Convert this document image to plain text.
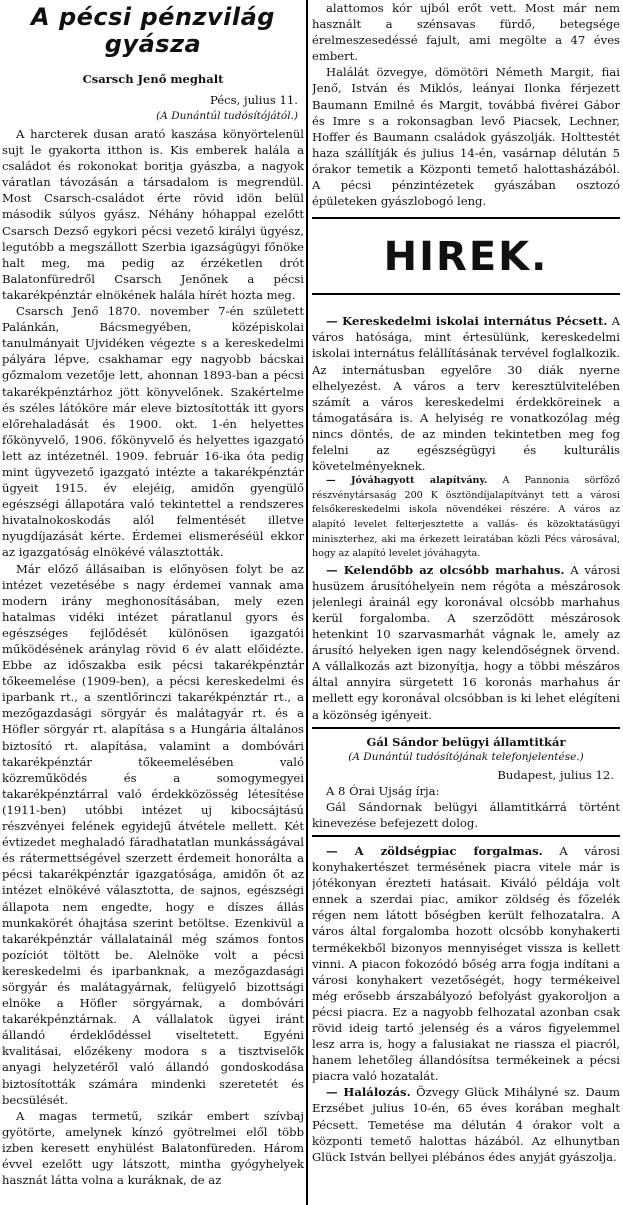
A pécsi pénzvilág gyásza
Csarsch Jenő meghalt
Pécs, julius 11.
(A Dunántúl tudósítójától.)

A harcterek dusan arató kaszása könyörtelenül sujt le gyakorta itthon is. Kis emberek halála a családot és rokonokat boritja gyászba, a nagyok váratlan távozásán a társadalom is megrendül. Most Csarsch-családot érte rövid idön belül második súlyos gyász. Néhány hóhappal ezelőtt Csarsch Dezső egykori pécsi vezető királyi ügyész, legutóbb a megszállott Szerbia igazságügyi főnöke halt meg, ma pedig az érzéketlen drót Balatonfüredről Csarsch Jenőnek a pécsi takarékpénztár elnökének halála hírét hozta meg.

Csarsch Jenő 1870. november 7-én született Palánkán, Bácsmegyében, középiskolai tanulmányait Ujvidéken végezte s a kereskedelmi pályára lépve, csakhamar egy nagyobb bácskai gőzmalom vezetője lett, ahonnan 1893-ban a pécsi takarékpénztárhoz jött könyvelőnek. Szakértelme és széles látóköre már eleve biztosították itt gyors előrehaladását és 1900. okt. 1-én helyettes főkönyvelő, 1906. főkönyvelő és helyettes igazgató lett az intézetnél. 1909. február 16-ika óta pedig mint ügyvezető igazgató intézte a takarékpénztár ügyeit 1915. év elejéig, amidőn gyengülő egészségi állapotára való tekintettel a rendszeres hivatalnokoskodás alól felmentését illetve nyugdíjazását kérte. Érdemei elismeréséül ekkor az igazgatóság elnökévé választották.

Már előző állásaiban is előnyösen folyt be az intézet vezetésébe s nagy érdemei vannak ama modern irány meghonosításában, mely ezen hatalmas vidéki intézet páratlanul gyors és egészséges fejlődését különösen igazgatói működésének aránylag rövid 6 év alatt előidézte. Ebbe az időszakba esik pécsi takarékpénztár tőkeemelése (1909-ben), a pécsi kereskedelmi és iparbank rt., a szentlőrinczi takarékpénztár rt., a mezőgazdasági sörgyár és malátagyár rt. és a Höfler sörgyár rt. alapítása s a Hungária általános biztosító rt. alapítása, valamint a dombóvári takarékpénztár tőkeemelésében való közreműködés és a somogymegyei takarékpénztárral való érdekközösség létesítése (1911-ben) utóbbi intézet uj kibocsájtású részvényei felének egyidejű átvétele mellett. Két évtizedet meghaladó fáradhatatlan munkásságával és rátermettségével szerzett érdemeit honorálta a pécsi takarékpénztár igazgatósága, amidőn őt az intézet elnökévé választotta, de sajnos, egészségi állapota nem engedte, hogy e díszes állás munkakörét óhajtása szerint betöltse. Ezenkivül a takarékpénztár vállalatainál még számos fontos pozíciót töltött be. Alelnöke volt a pécsi kereskedelmi és iparbanknak, a mezőgazdasági sörgyár és malátagyárnak, felügyelő bizottsági elnöke a Höfler sörgyárnak, a dombóvári takarékpénztárnak. A vállalatok ügyei iránt állandó érdeklődéssel viseltetett. Egyéni kvalitásai, előzékeny modora s a tisztviselők anyagi helyzetéről való állandó gondoskodása biztosították számára mindenki szeretetét és becsülését.

A magas termetű, szikár embert szívbaj gyötörte, amelynek kínzó gyötrelmei elől több izben keresett enyhülést Balatonfüreden. Három évvel ezelőtt ugy látszott, mintha gyógyhelyek hasznát látta volna a kuráknak, de az

alattomos kór ujból erőt vett. Most már nem használt a szénsavas fürdő, betegsége érelmeszesedéssé fajult, ami megölte a 47 éves embert.

Halálát özvegye, dömötöri Németh Margit, fiai Jenő, István és Miklós, leányai Ilonka férjezett Baumann Emilné és Margit, továbbá fivérei Gábor és Imre s a rokonsagban levő Piacsek, Lechner, Hoffer és Baumann családok gyászolják. Holttestét haza szállítják és julius 14-én, vasárnap délután 5 órakor temetik a Központi temető halottasházából. A pécsi pénzintézetek gyászában osztozó épületeken gyászlobogó leng.

HIREK.

— Kereskedelmi iskolai internátus Pécsett. A város hatósága, mint értesülünk, kereskedelmi iskolai internátus felállításának tervével foglalkozik. Az internátusban egyelőre 30 diák nyerne elhelyezést. A város a terv keresztülvitelében számít a város kereskedelmi érdekköreinek a támogatására is. A helyiség re vonatkozólag még nincs döntés, de az minden tekintetben meg fog felelni az egészségügyi és kulturális követelményeknek.

— Jóváhagyott alapítvány. A Pannonia sörfőző részvénytársaság 200 K ösztöndíjalapítványt tett a városi felsőkereskedelmi iskola növendékei részére. A város az alapító levelet felterjesztette a vallás- és közoktatásügyi miniszterhez, aki ma érkezett leiratában közli Pécs városával, hogy az alapító levelet jóváhagyta.

— Kelendőbb az olcsóbb marhahus. A városi husüzem árusítóhelyein nem régóta a mészárosok jelenlegi árainál egy koronával olcsóbb marhahus kerül forgalomba. A szerződött mészárosok hetenkint 10 szarvasmarhát vágnak le, amely az árusító helyeken igen nagy kelendőségnek örvend. A vállalkozás azt bizonyítja, hogy a többi mészáros által annyira sürgetett 16 koronás marhahus ár mellett egy koronával olcsóbban is ki lehet elégíteni a közönség igényeit.

Gál Sándor belügyi államtitkár
(A Dunántúl tudósítójának telefonjelentése.)
Budapest, julius 12.

A 8 Órai Ujság írja:

Gál Sándornak belügyi államtitkárrá történt kinevezése befejezett dolog.

— A zöldségpiac forgalmas. A városi konyhakertészet termésének piacra vitele már is jótékonyan érezteti hatásait. Kiváló példája volt ennek a szerdai piac, amikor zöldség és főzelék régen nem látott bőségben került felhozatalra. A város által forgalomba hozott olcsóbb konyhakerti termékekből bizonyos mennyiséget vissza is kellett vinni. A piacon fokozódó bőség arra fogja indítani a városi konyhakert vezetőségét, hogy termékeivel még erősebb árszabályozó befolyást gyakoroljon a pécsi piacra. Ez a nagyobb felhozatal azonban csak rövid ideig tartó jelenség és a város figyelemmel lesz arra is, hogy a falusiakat ne riassza el piacról, hanem lehetőleg állandósítsa termékeinek a pécsi piacra való hozatalát.

— Halálozás. Özvegy Glück Mihályné sz. Daum Erzsébet julius 10-én, 65 éves korában meghalt Pécsett. Temetése ma délután 4 órakor volt a központi temető halottas házából. Az elhunytban Glück István bellyei plébános édes anyját gyászolja.
